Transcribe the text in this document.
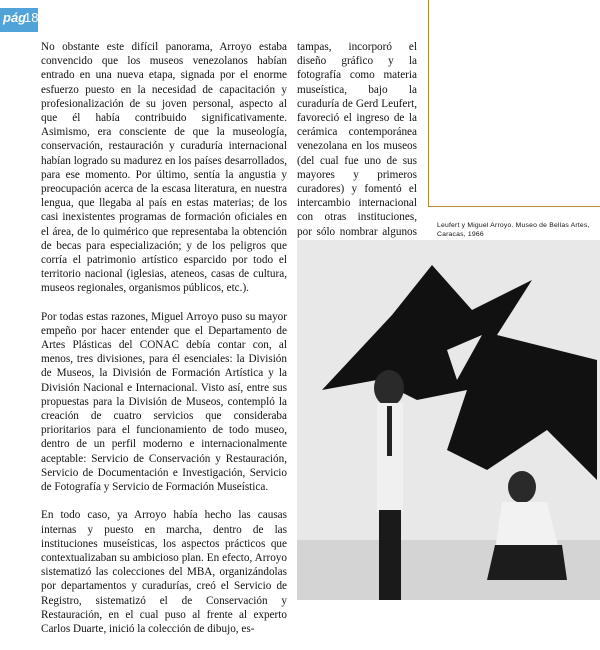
pág
18

No obstante este difícil panorama, Arroyo estaba convencido que los museos venezolanos habían entrado en una nueva etapa, signada por el enorme esfuerzo puesto en la necesidad de capacitación y profesionalización de su joven personal, aspecto al que él había contribuido significativamente. Asimismo, era consciente de que la museología, conservación, restauración y curaduría internacional habían logrado su madurez en los países desarrollados, para ese momento. Por último, sentía la angustia y preocupación acerca de la escasa literatura, en nuestra lengua, que llegaba al país en estas materias; de los casi inexistentes programas de formación oficiales en el área, de lo quimérico que representaba la obtención de becas para especialización; y de los peligros que corría el patrimonio artístico esparcido por todo el territorio nacional (iglesias, ateneos, casas de cultura, museos regionales, organismos públicos, etc.).

Por todas estas razones, Miguel Arroyo puso su mayor empeño por hacer entender que el Departamento de Artes Plásticas del CONAC debía contar con, al menos, tres divisiones, para él esenciales: la División de Museos, la División de Formación Artística y la División Nacional e Internacional. Visto así, entre sus propuestas para la División de Museos, contempló la creación de cuatro servicios que consideraba prioritarios para el funcionamiento de todo museo, dentro de un perfil moderno e internacionalmente aceptable: Servicio de Conservación y Restauración, Servicio de Documentación e Investigación, Servicio de Fotografía y Servicio de Formación Museística.

En todo caso, ya Arroyo había hecho las causas internas y puesto en marcha, dentro de las instituciones museísticas, los aspectos prácticos que contextualizaban su ambicioso plan. En efecto, Arroyo sistematizó las colecciones del MBA, organizándolas por departamentos y curadurías, creó el Servicio de Registro, sistematizó el de Conservación y Restauración, en el cual puso al frente al experto Carlos Duarte, inició la colección de dibujo, es-

tampas, incorporó el diseño gráfico y la fotografía como materia museística, bajo la curaduría de Gerd Leufert, favoreció el ingreso de la cerámica contemporánea venezolana en los museos (del cual fue uno de sus mayores y primeros curadores) y fomentó el intercambio internacional con otras instituciones, por sólo nombrar algunos
Leufert y Miguel Arroyo. Museo de Bellas Artes, Caracas, 1966
